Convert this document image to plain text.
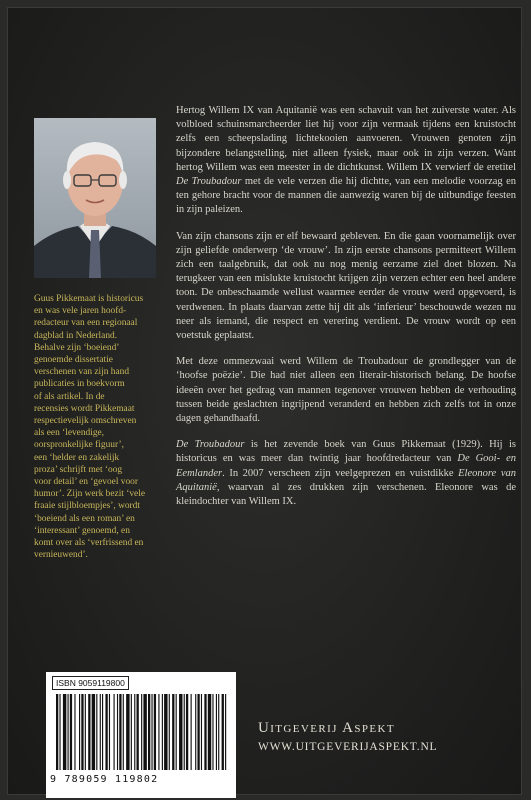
Guus Pikkemaat is historicus
en was vele jaren hoofd-
redacteur van een regionaal
dagblad in Nederland.
Behalve zijn ‘boeiend’
genoemde dissertatie
verschenen van zijn hand
publicaties in boekvorm
of als artikel. In de
recensies wordt Pikkemaat
respectievelijk omschreven
als een ‘levendige,
oorspronkelijke figuur’,
een ‘helder en zakelijk
proza’ schrijft met ‘oog
voor detail’ en ‘gevoel voor
humor’. Zijn werk bezit ‘vele
fraaie stijlbloempjes’, wordt
‘boeiend als een roman’ en
‘interessant’ genoemd, en
komt over als ‘verfrissend en
vernieuwend’.

Hertog Willem IX van Aquitanië was een schavuit van het zuiverste water. Als volbloed schuinsmarcheerder liet hij voor zijn vermaak tijdens een kruistocht zelfs een scheepslading lichtekooien aanvoeren. Vrouwen genoten zijn bijzondere belangstelling, niet alleen fysiek, maar ook in zijn verzen. Want hertog Willem was een meester in de dichtkunst. Willem IX verwierf de eretitel De Troubadour met de vele verzen die hij dichtte, van een melodie voorzag en ten gehore bracht voor de mannen die aanwezig waren bij de uitbundige feesten in zijn paleizen.

Van zijn chansons zijn er elf bewaard gebleven. En die gaan voornamelijk over zijn geliefde onderwerp ‘de vrouw’. In zijn eerste chansons permitteert Willem zich een taalgebruik, dat ook nu nog menig eerzame ziel doet blozen. Na terugkeer van een mislukte kruistocht krijgen zijn verzen echter een heel andere toon. De onbeschaamde wellust waarmee eerder de vrouw werd opgevoerd, is verdwenen. In plaats daarvan zette hij dit als ‘inferieur’ beschouwde wezen nu neer als iemand, die respect en verering verdient. De vrouw wordt op een voetstuk geplaatst.

Met deze ommezwaai werd Willem de Troubadour de grondlegger van de ‘hoofse poëzie’. Die had niet alleen een literair-historisch belang. De hoofse ideeën over het gedrag van mannen tegenover vrouwen hebben de verhouding tussen beide geslachten ingrijpend veranderd en hebben zich zelfs tot in onze dagen gehandhaafd.

De Troubadour is het zevende boek van Guus Pikkemaat (1929). Hij is historicus en was meer dan twintig jaar hoofdredacteur van De Gooi- en Eemlander. In 2007 verscheen zijn veelgeprezen en vuistdikke Eleonore van Aquitanië, waarvan al zes drukken zijn verschenen. Eleonore was de kleindochter van Willem IX.

ISBN 9059119800
9 789059 119802
Uitgeverij Aspekt
WWW.UITGEVERIJASPEKT.NL
